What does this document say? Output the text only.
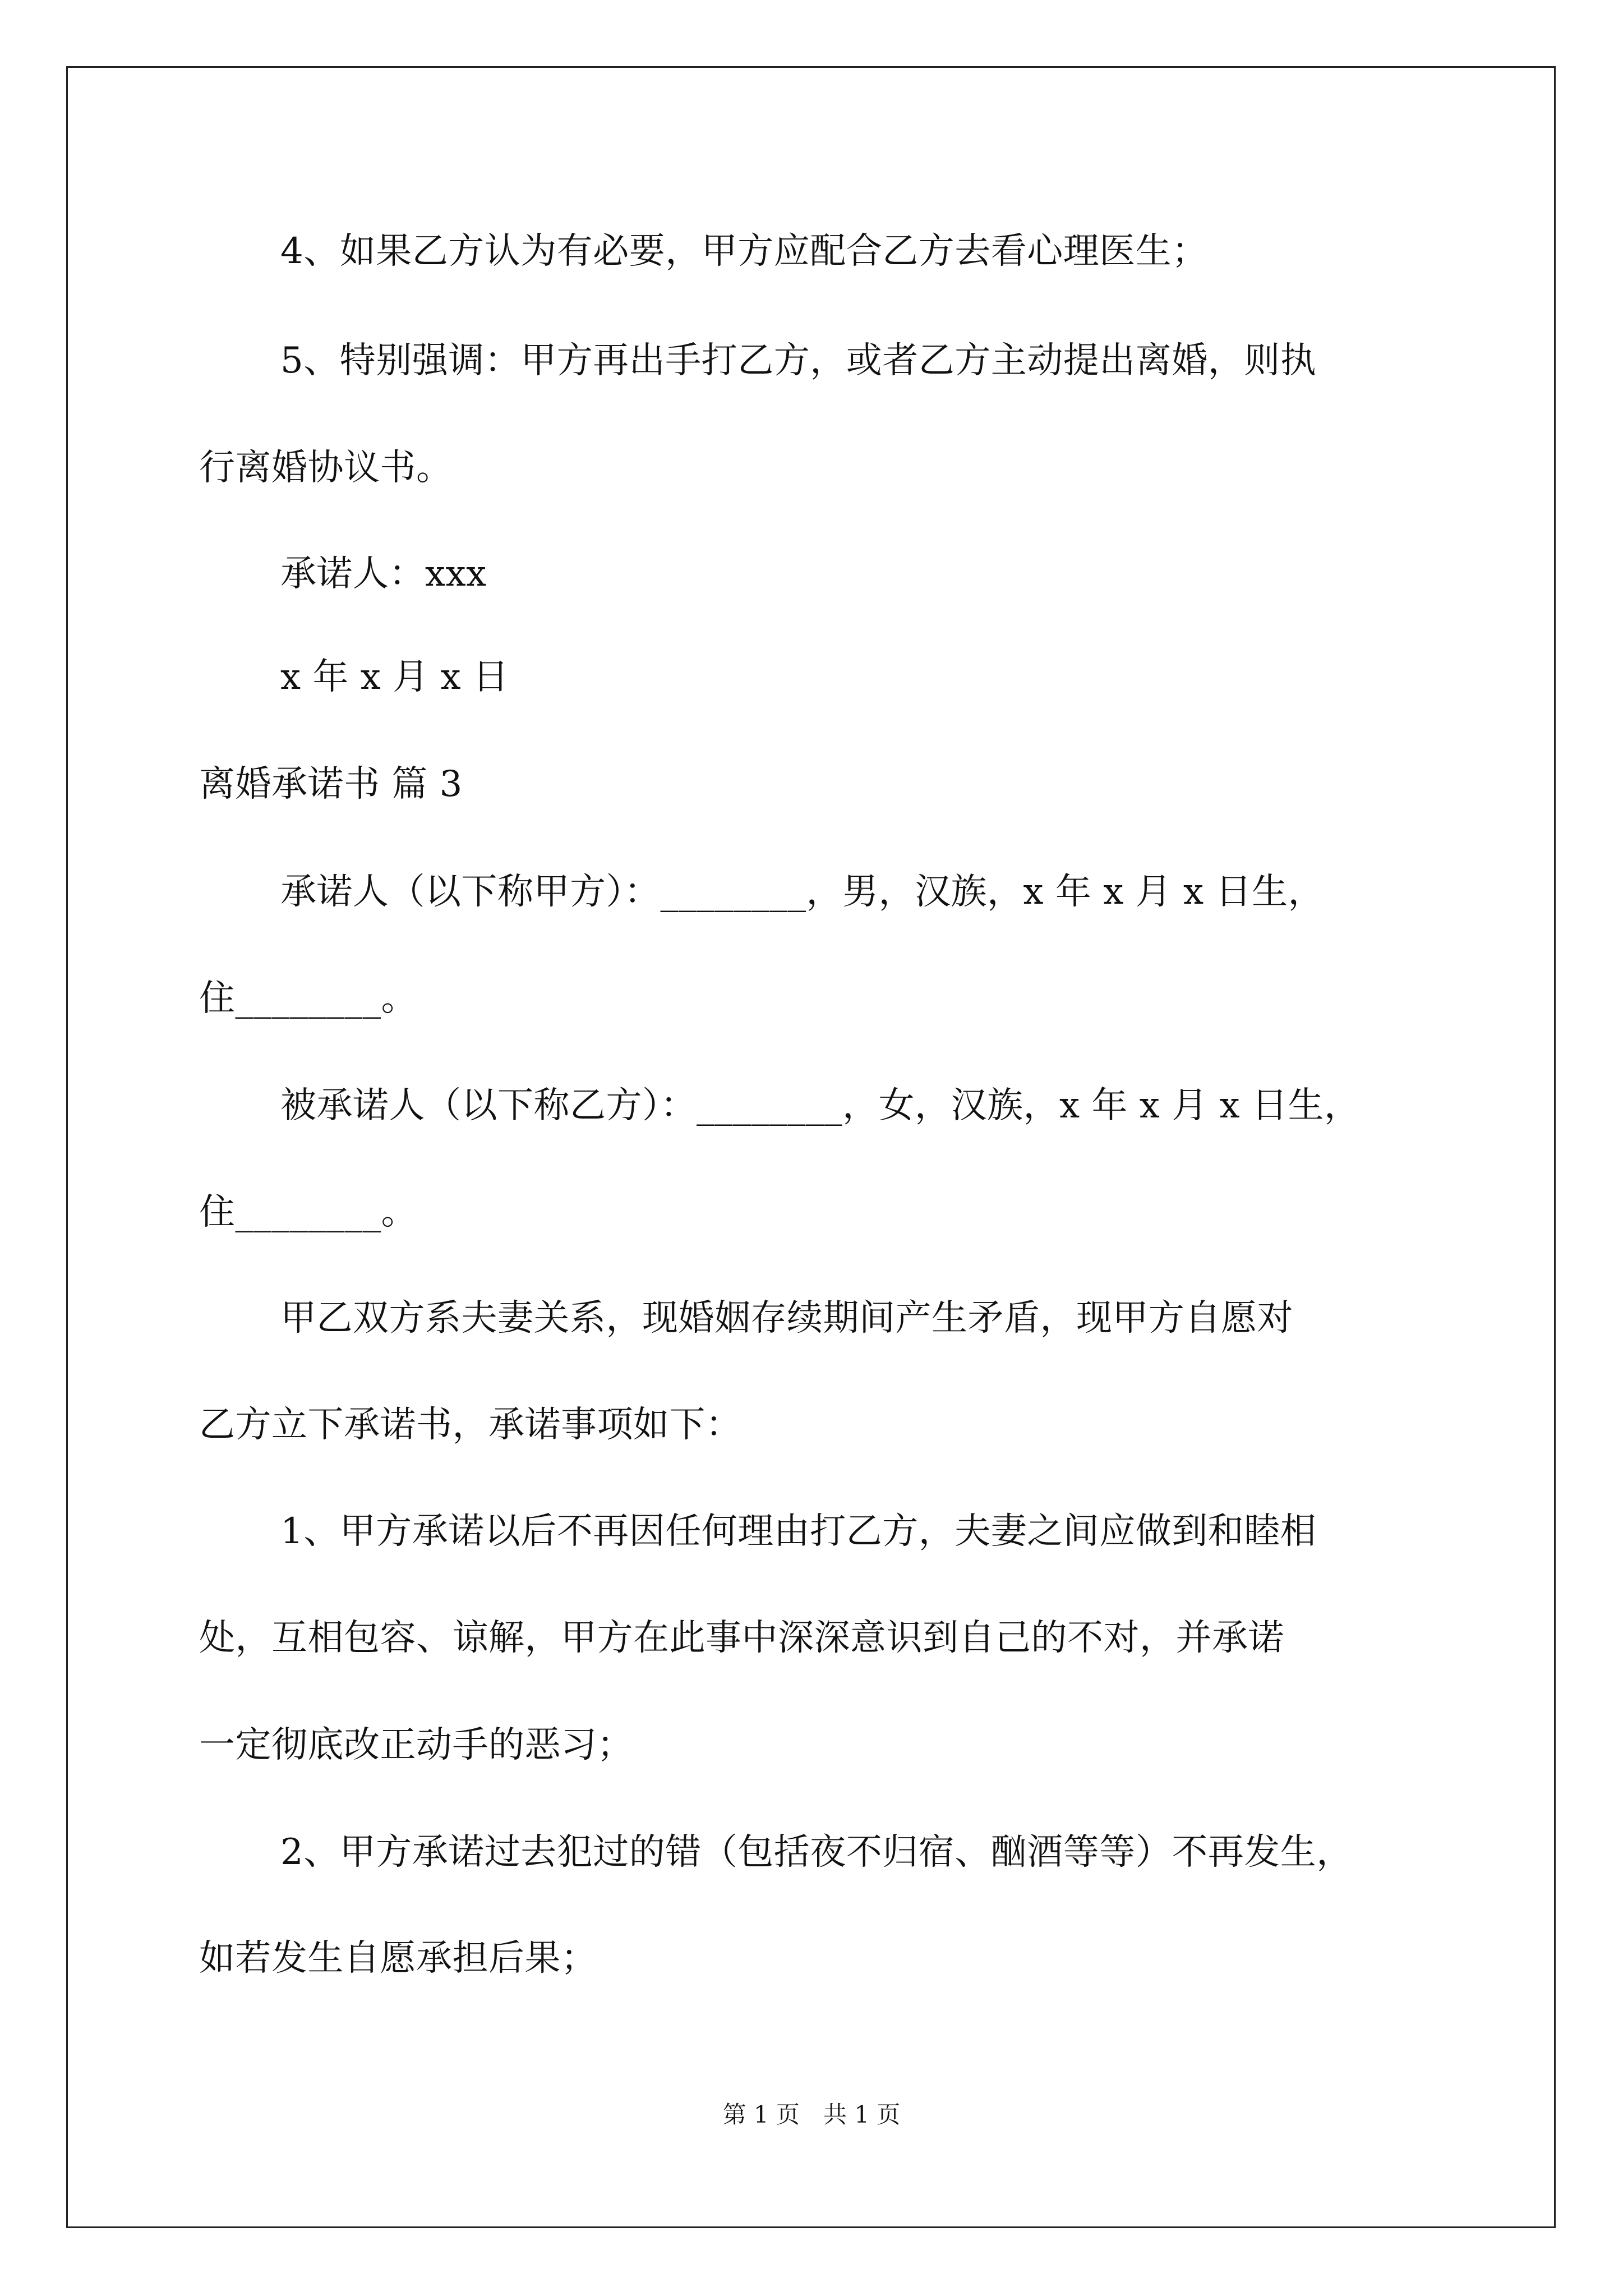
4、如果乙方认为有必要，甲方应配合乙方去看心理医生；
5、特别强调：甲方再出手打乙方，或者乙方主动提出离婚，则执
行离婚协议书。
承诺人：xxx
x 年 x 月 x 日
离婚承诺书 篇 3
承诺人（以下称甲方）：________，男，汉族，x 年 x 月 x 日生，
住________。
被承诺人（以下称乙方）：________，女，汉族，x 年 x 月 x 日生，
住________。
甲乙双方系夫妻关系，现婚姻存续期间产生矛盾，现甲方自愿对
乙方立下承诺书，承诺事项如下：
1、甲方承诺以后不再因任何理由打乙方，夫妻之间应做到和睦相
处，互相包容、谅解，甲方在此事中深深意识到自己的不对，并承诺
一定彻底改正动手的恶习；
2、甲方承诺过去犯过的错（包括夜不归宿、酗酒等等）不再发生，
如若发生自愿承担后果；
第 1 页　共 1 页
